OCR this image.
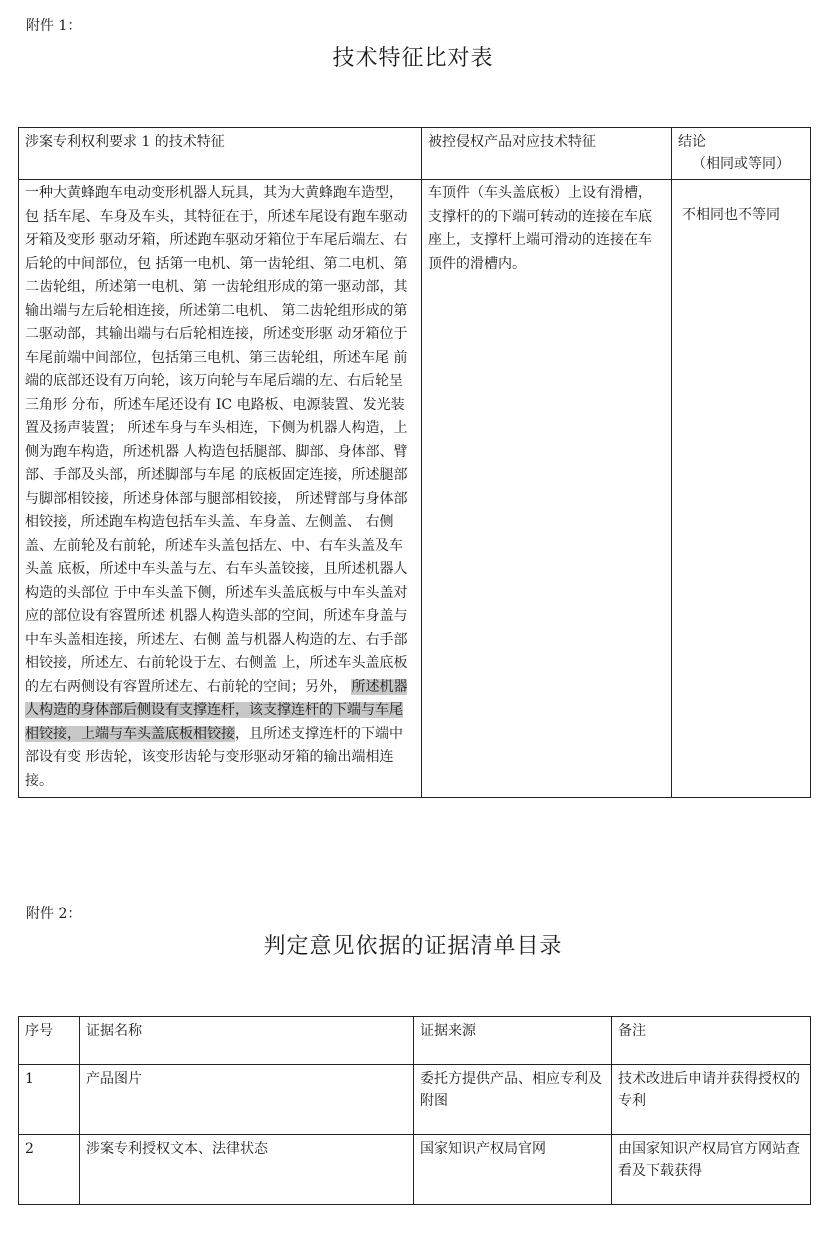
附件 1：
技术特征比对表
涉案专利权利要求 1 的技术特征	被控侵权产品对应技术特征	结论
（相同或等同）

一种大黄蜂跑车电动变形机器人玩具，其为大黄蜂跑车造型，包 括车尾、车身及车头，其特征在于，所述车尾设有跑车驱动牙箱及变形 驱动牙箱，所述跑车驱动牙箱位于车尾后端左、右后轮的中间部位，包 括第一电机、第一齿轮组、第二电机、第二齿轮组，所述第一电机、第 一齿轮组形成的第一驱动部，其输出端与左后轮相连接，所述第二电机、 第二齿轮组形成的第二驱动部，其输出端与右后轮相连接，所述变形驱 动牙箱位于车尾前端中间部位，包括第三电机、第三齿轮组，所述车尾 前端的底部还设有万向轮，该万向轮与车尾后端的左、右后轮呈三角形 分布，所述车尾还设有 IC 电路板、电源装置、发光装置及扬声装置； 所述车身与车头相连，下侧为机器人构造，上侧为跑车构造，所述机器 人构造包括腿部、脚部、身体部、臂部、手部及头部，所述脚部与车尾 的底板固定连接，所述腿部与脚部相铰接，所述身体部与腿部相铰接， 所述臂部与身体部相铰接，所述跑车构造包括车头盖、车身盖、左侧盖、 右侧盖、左前轮及右前轮，所述车头盖包括左、中、右车头盖及车头盖 底板，所述中车头盖与左、右车头盖铰接，且所述机器人构造的头部位 于中车头盖下侧，所述车头盖底板与中车头盖对应的部位设有容置所述 机器人构造头部的空间，所述车身盖与中车头盖相连接，所述左、右侧 盖与机器人构造的左、右手部相铰接，所述左、右前轮设于左、右侧盖 上，所述车头盖底板的左右两侧设有容置所述左、右前轮的空间；另外， 所述机器人构造的身体部后侧设有支撑连杆，该支撑连杆的下端与车尾相铰接，上端与车头盖底板相铰接，且所述支撑连杆的下端中部设有变 形齿轮，该变形齿轮与变形驱动牙箱的输出端相连接。	车顶件（车头盖底板）上设有滑槽，支撑杆的的下端可转动的连接在车底座上，支撑杆上端可滑动的连接在车顶件的滑槽内。	不相同也不等同
附件 2：
判定意见依据的证据清单目录
序号	证据名称	证据来源	备注
1	产品图片	委托方提供产品、相应专利及附图	技术改进后申请并获得授权的专利
2	涉案专利授权文本、法律状态	国家知识产权局官网	由国家知识产权局官方网站查看及下载获得
